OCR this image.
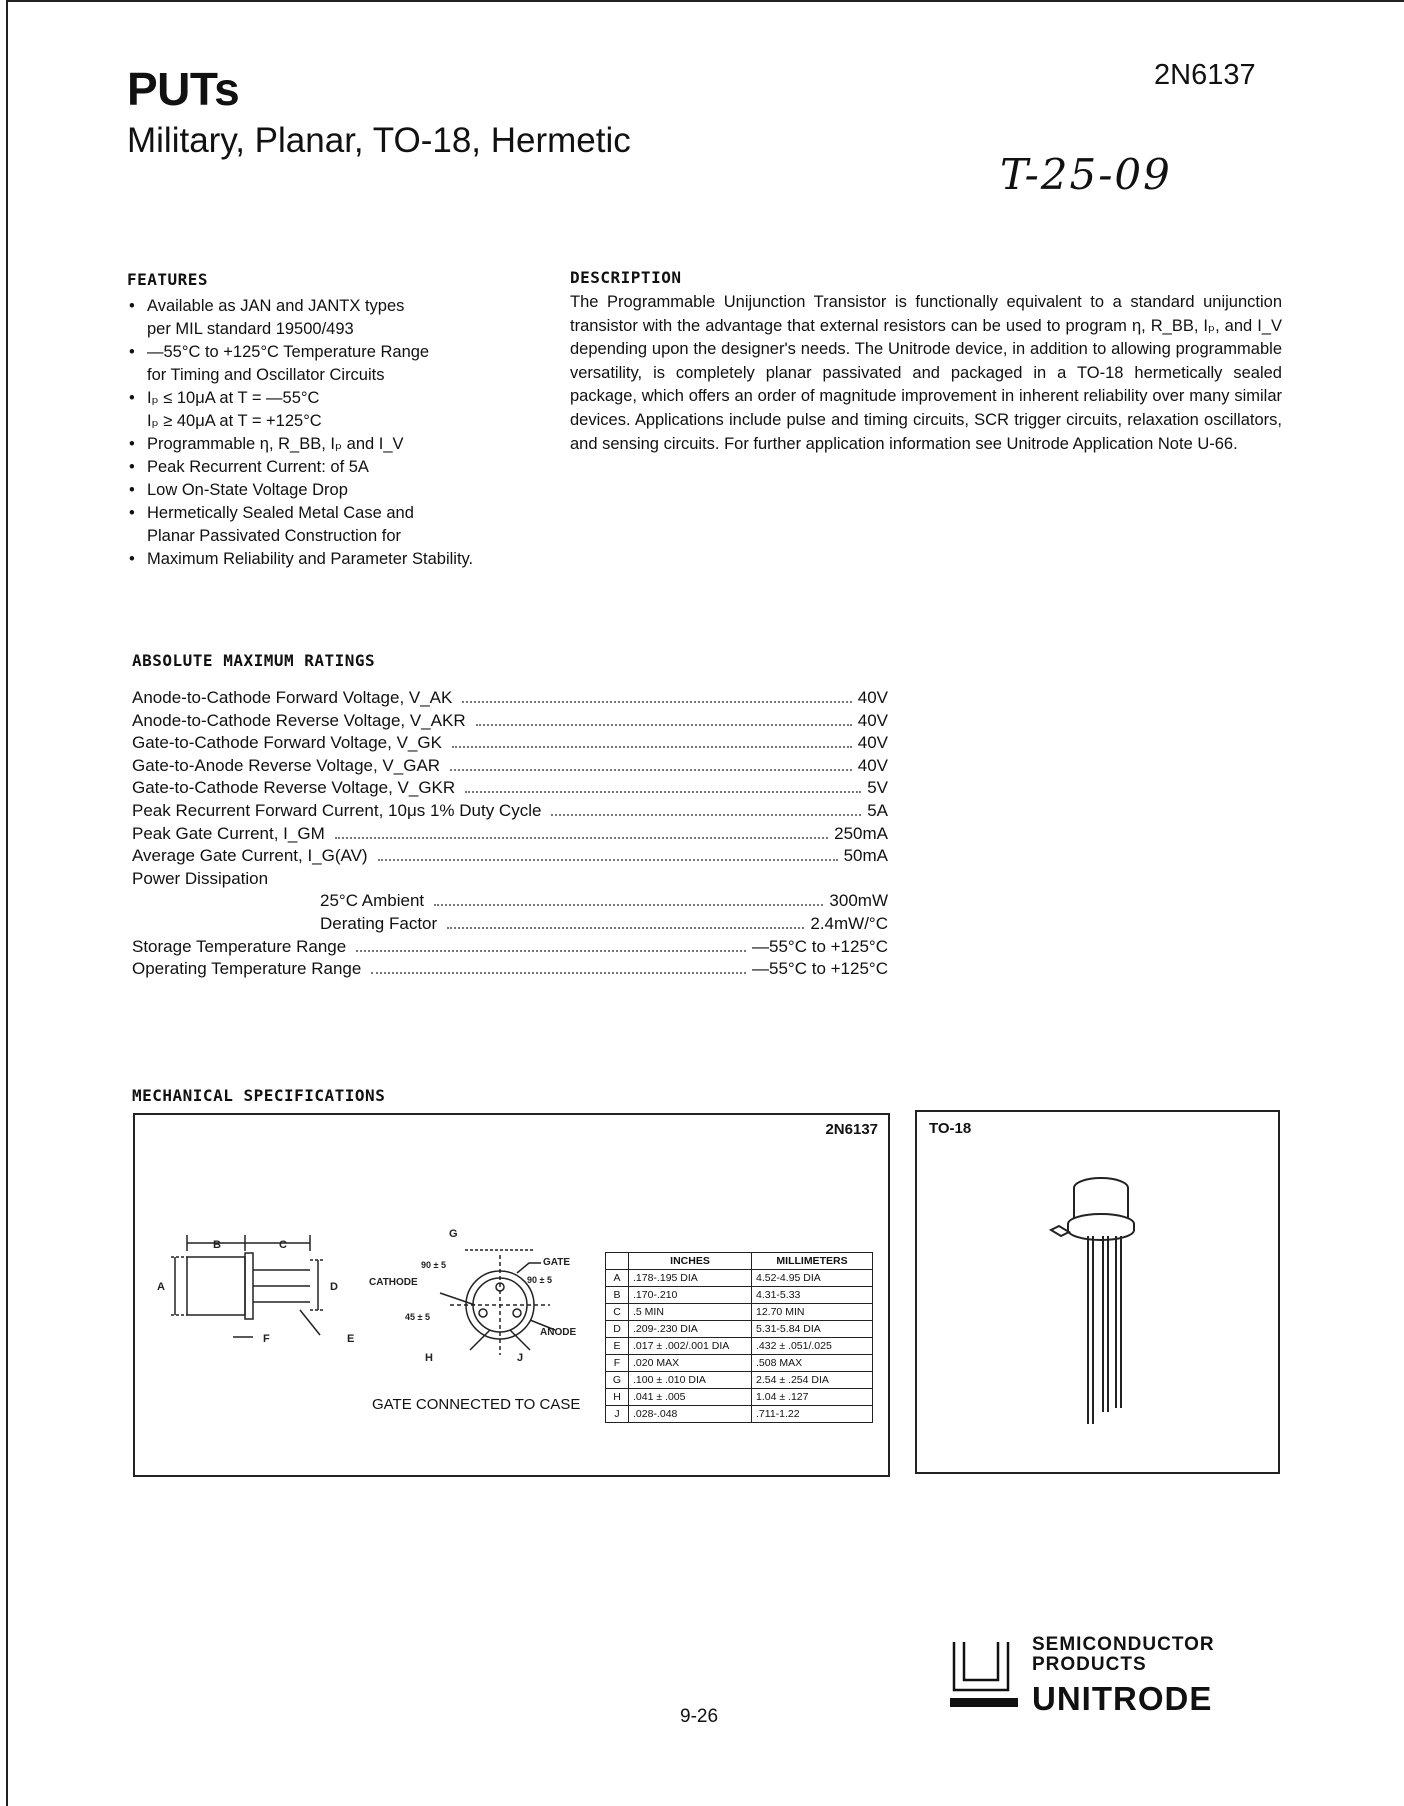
PUTs
Military, Planar, TO-18, Hermetic
2N6137
T-25-09
FEATURES
• Available as JAN and JANTX types
per MIL standard 19500/493
• —55°C to +125°C Temperature Range
for Timing and Oscillator Circuits
• Iₚ ≤ 10μA at T = —55°C
Iₚ ≥ 40μA at T = +125°C
• Programmable η, R_BB, Iₚ and I_V
• Peak Recurrent Current: of 5A
• Low On-State Voltage Drop
• Hermetically Sealed Metal Case and
Planar Passivated Construction for
• Maximum Reliability and Parameter Stability.
DESCRIPTION

The Programmable Unijunction Transistor is functionally equivalent to a standard unijunction transistor with the advantage that external resistors can be used to program η, R_BB, Iₚ, and I_V depending upon the designer's needs. The Unitrode device, in addition to allowing programmable versatility, is completely planar passivated and packaged in a TO-18 hermetically sealed package, which offers an order of magnitude improvement in inherent reliability over many similar devices. Applications include pulse and timing circuits, SCR trigger circuits, relaxation oscillators, and sensing circuits. For further application information see Unitrode Application Note U-66.

ABSOLUTE MAXIMUM RATINGS
Anode-to-Cathode Forward Voltage, V_AK	40V
Anode-to-Cathode Reverse Voltage, V_AKR	40V
Gate-to-Cathode Forward Voltage, V_GK	40V
Gate-to-Anode Reverse Voltage, V_GAR	40V
Gate-to-Cathode Reverse Voltage, V_GKR	5V
Peak Recurrent Forward Current, 10μs 1% Duty Cycle	5A
Peak Gate Current, I_GM	250mA
Average Gate Current, I_G(AV)	50mA
Power Dissipation
25°C Ambient	300mW
Derating Factor	2.4mW/°C
Storage Temperature Range	—55°C to +125°C
Operating Temperature Range	—55°C to +125°C
MECHANICAL SPECIFICATIONS
2N6137
B	C
A	D
E
F
G
H	J
GATE
CATHODE
ANODE
90 ± 5
90 ± 5
45 ± 5
GATE CONNECTED TO CASE
	INCHES	MILLIMETERS
A	.178-.195 DIA	4.52-4.95 DIA
B	.170-.210	4.31-5.33
C	.5 MIN	12.70 MIN
D	.209-.230 DIA	5.31-5.84 DIA
E	.017 ± .002/.001 DIA	.432 ± .051/.025
F	.020 MAX	.508 MAX
G	.100 ± .010 DIA	2.54 ± .254 DIA
H	.041 ± .005	1.04 ± .127
J	.028-.048	.711-1.22
TO-18
SEMICONDUCTOR
PRODUCTS
UNITRODE
9-26
